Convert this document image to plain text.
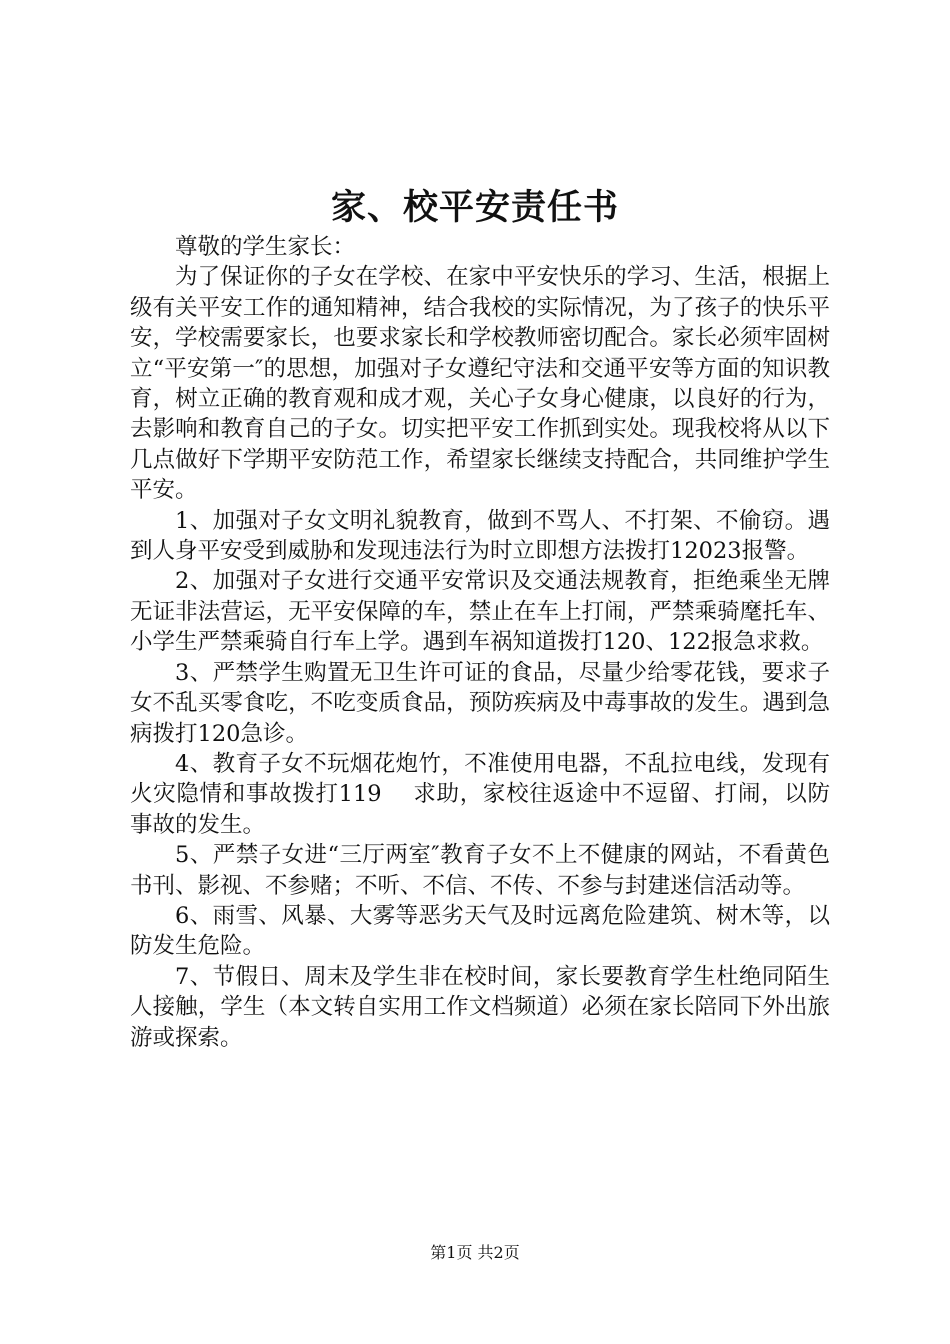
家、校平安责任书

尊敬的学生家长：

为了保证你的子女在学校、在家中平安快乐的学习、生活，根据上级有关平安工作的通知精神，结合我校的实际情况，为了孩子的快乐平安，学校需要家长，也要求家长和学校教师密切配合。家长必须牢固树立“平安第一″的思想，加强对子女遵纪守法和交通平安等方面的知识教育，树立正确的教育观和成才观，关心子女身心健康，以良好的行为，去影响和教育自己的子女。切实把平安工作抓到实处。现我校将从以下几点做好下学期平安防范工作，希望家长继续支持配合，共同维护学生平安。

1、加强对子女文明礼貌教育，做到不骂人、不打架、不偷窃。遇到人身平安受到威胁和发现违法行为时立即想方法拨打12023报警。

2、加强对子女进行交通平安常识及交通法规教育，拒绝乘坐无牌无证非法营运，无平安保障的车，禁止在车上打闹，严禁乘骑麾托车、小学生严禁乘骑自行车上学。遇到车祸知道拨打120、122报急求救。

3、严禁学生购置无卫生许可证的食品，尽量少给零花钱，要求子女不乱买零食吃，不吃变质食品，预防疾病及中毒事故的发生。遇到急病拨打120急诊。

4、教育子女不玩烟花炮竹，不准使用电器，不乱拉电线，发现有火灾隐情和事故拨打119　 求助，家校往返途中不逗留、打闹，以防事故的发生。

5、严禁子女进“三厅两室″教育子女不上不健康的网站，不看黄色书刊、影视、不参赌；不听、不信、不传、不参与封建迷信活动等。

6、雨雪、风暴、大雾等恶劣天气及时远离危险建筑、树木等，以防发生危险。

7、节假日、周末及学生非在校时间，家长要教育学生杜绝同陌生人接触，学生（本文转自实用工作文档频道）必须在家长陪同下外出旅游或探索。

第1页 共2页
